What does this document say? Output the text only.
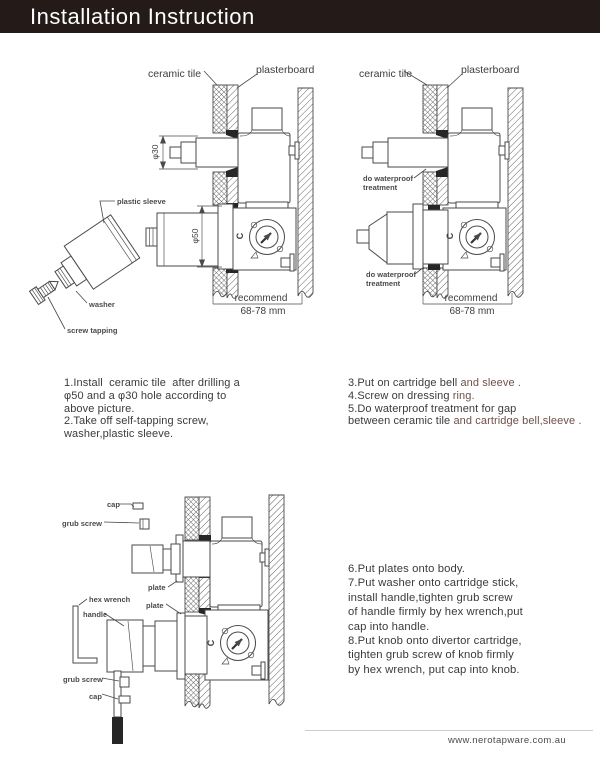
Installation Instruction
φ30
φ50	C
recommend
68-78 mm
ceramic tile	plasterboard
plastic sleeve
washer
screw tapping
C
recommend
68-78 mm
ceramic tile	plasterboard
do waterproof
treatment
do waterproof
treatment
C
cap
grub screw
plate
plate
hex wrench
handle
grub screw
cap
1.Install  ceramic tile  after drilling a
φ50 and a φ30 hole according to
above picture.
2.Take off self-tapping screw,
washer,plastic sleeve.
3.Put on cartridge bell and sleeve .
4.Screw on dressing ring.
5.Do waterproof treatment for gap
between ceramic tile and cartridge bell,sleeve .
6.Put plates onto body.
7.Put washer onto cartridge stick,
install handle,tighten grub screw
of handle firmly by hex wrench,put
cap into handle.
8.Put knob onto divertor cartridge,
tighten grub screw of knob firmly
by hex wrench, put cap into knob.
www.nerotapware.com.au
